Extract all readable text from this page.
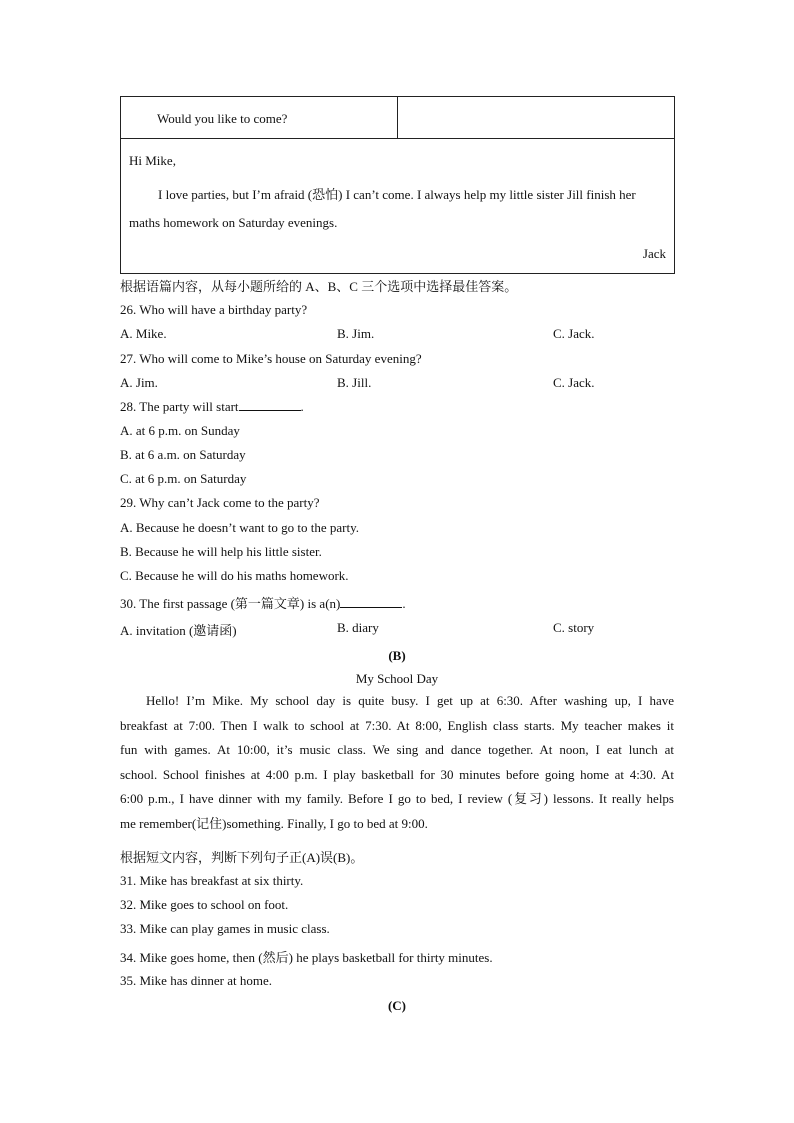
Would you like to come?
Hi Mike,
I love parties, but I’m afraid (恐怕) I can’t come. I always help my little sister Jill finish her
maths homework on Saturday evenings.
Jack
根据语篇内容，从每小题所给的 A、B、C 三个选项中选择最佳答案。
26. Who will have a birthday party?
A. Mike.	B. Jim.	C. Jack.
27. Who will come to Mike’s house on Saturday evening?
A. Jim.	B. Jill.	C. Jack.
28. The party will start	.
A. at 6 p.m. on Sunday
B. at 6 a.m. on Saturday
C. at 6 p.m. on Saturday
29. Why can’t Jack come to the party?
A. Because he doesn’t want to go to the party.
B. Because he will help his little sister.
C. Because he will do his maths homework.
30. The first passage (第一篇文章) is a(n)	.
A. invitation (邀请函)	B. diary	C. story
(B)
My School Day
Hello! I’m Mike. My school day is quite busy. I get up at 6:30. After washing up, I have
breakfast at 7:00. Then I walk to school at 7:30. At 8:00, English class starts. My teacher makes it
fun with games. At 10:00, it’s music class. We sing and dance together. At noon, I eat lunch at
school. School finishes at 4:00 p.m. I play basketball for 30 minutes before going home at 4:30. At
6:00 p.m., I have dinner with my family. Before I go to bed, I review (复习) lessons. It really helps
me remember(记住)something. Finally, I go to bed at 9:00.
根据短文内容，判断下列句子正(A)误(B)。
31. Mike has breakfast at six thirty.
32. Mike goes to school on foot.
33. Mike can play games in music class.
34. Mike goes home, then (然后) he plays basketball for thirty minutes.
35. Mike has dinner at home.
(C)
